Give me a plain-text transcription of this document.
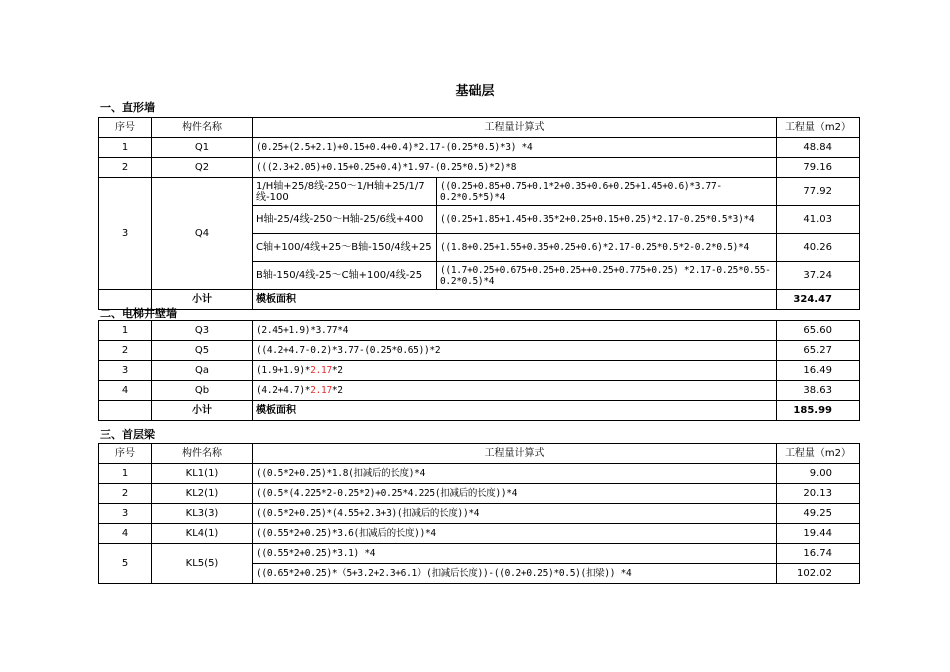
基础层
一、直形墙
序号	构件名称	工程量计算式		工程量（m2）
1	Q1	(0.25+(2.5+2.1)+0.15+0.4+0.4)*2.17-(0.25*0.5)*3) *4		48.84
2	Q2	(((2.3+2.05)+0.15+0.25+0.4)*1.97-(0.25*0.5)*2)*8		79.16
3	Q4	1/H轴+25/8线-250～1/H轴+25/1/7线-100	((0.25+0.85+0.75+0.1*2+0.35+0.6+0.25+1.45+0.6)*3.77-0.2*0.5*5)*4	77.92
		H轴-25/4线-250～H轴-25/6线+400	((0.25+1.85+1.45+0.35*2+0.25+0.15+0.25)*2.17-0.25*0.5*3)*4	41.03
		C轴+100/4线+25～B轴-150/4线+25	((1.8+0.25+1.55+0.35+0.25+0.6)*2.17-0.25*0.5*2-0.2*0.5)*4	40.26
		B轴-150/4线-25～C轴+100/4线-25	((1.7+0.25+0.675+0.25+0.25++0.25+0.775+0.25) *2.17-0.25*0.55-0.2*0.5)*4	37.24
	小计	模板面积		324.47
二、电梯井壁墙
1	Q3	(2.45+1.9)*3.77*4	65.60
2	Q5	((4.2+4.7-0.2)*3.77-(0.25*0.65))*2	65.27
3	Qa	(1.9+1.9)*2.17*2	16.49
4	Qb	(4.2+4.7)*2.17*2	38.63
	小计	模板面积	185.99
三、首层梁
序号	构件名称	工程量计算式	工程量（m2）
1	KL1(1)	((0.5*2+0.25)*1.8(扣减后的长度)*4	9.00
2	KL2(1)	((0.5*(4.225*2-0.25*2)+0.25*4.225(扣减后的长度))*4	20.13
3	KL3(3)	((0.5*2+0.25)*(4.55+2.3+3)(扣减后的长度))*4	49.25
4	KL4(1)	((0.55*2+0.25)*3.6(扣减后的长度))*4	19.44
5	KL5(5)	((0.55*2+0.25)*3.1) *4	16.74
		((0.65*2+0.25)*（5+3.2+2.3+6.1）(扣减后长度))-((0.2+0.25)*0.5)(扣梁)) *4	102.02
